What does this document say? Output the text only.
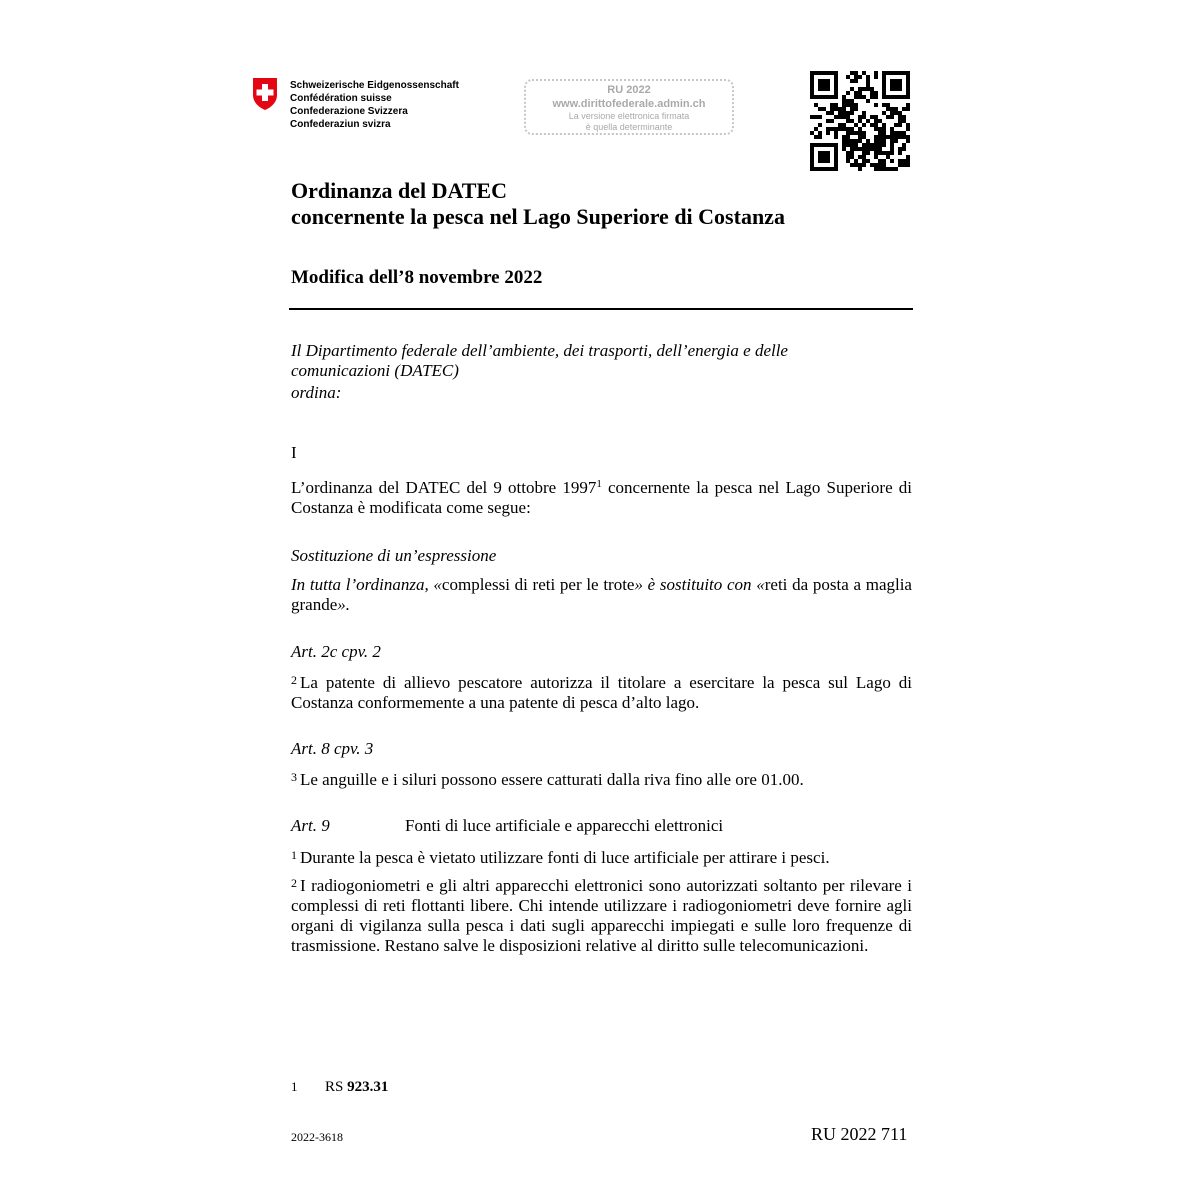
Schweizerische Eidgenossenschaft
Confédération suisse
Confederazione Svizzera
Confederaziun svizra
RU 2022
www.dirittofederale.admin.ch
La versione elettronica firmata
è quella determinante
Ordinanza del DATEC
concernente la pesca nel Lago Superiore di Costanza
Modifica dell’8 novembre 2022
Il Dipartimento federale dell’ambiente, dei trasporti, dell’energia e delle
comunicazioni (DATEC)
ordina:
I
L’ordinanza del DATEC del 9 ottobre 1997$^1$ concernente la pesca nel Lago Superiore di Costanza è modificata come segue:
Sostituzione di un’espressione
In tutta l’ordinanza, «complessi di reti per le trote» è sostituito con «reti da posta a maglia grande».
Art. 2c cpv. 2
$^2$ La patente di allievo pescatore autorizza il titolare a esercitare la pesca sul Lago di Costanza conformemente a una patente di pesca d’alto lago.
Art. 8 cpv. 3
$^3$ Le anguille e i siluri possono essere catturati dalla riva fino alle ore 01.00.
Art. 9	Fonti di luce artificiale e apparecchi elettronici
$^1$ Durante la pesca è vietato utilizzare fonti di luce artificiale per attirare i pesci.
$^2$ I radiogoniometri e gli altri apparecchi elettronici sono autorizzati soltanto per rilevare i complessi di reti flottanti libere. Chi intende utilizzare i radiogoniometri deve fornire agli organi di vigilanza sulla pesca i dati sugli apparecchi impiegati e sulle loro frequenze di trasmissione. Restano salve le disposizioni relative al diritto sulle telecomunicazioni.
1 RS 923.31
2022-3618	RU 2022 711
